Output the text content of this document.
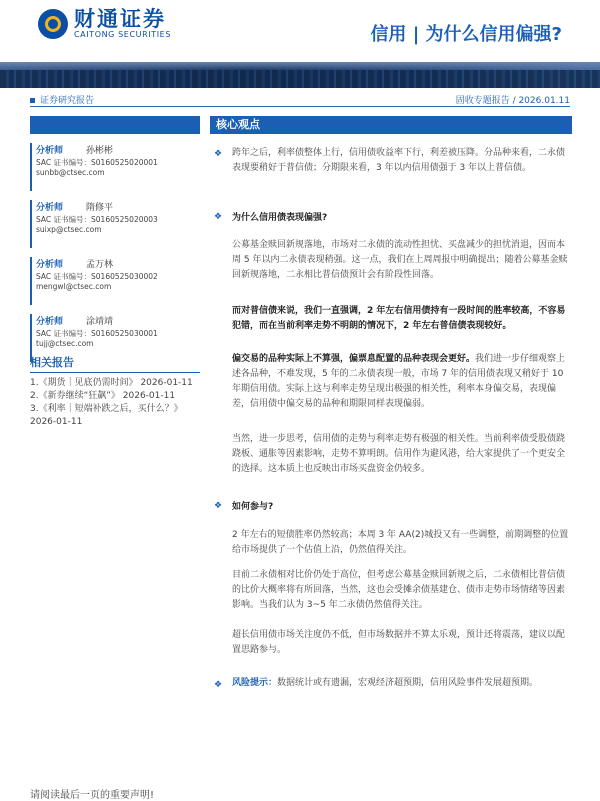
财通证券
CAITONG SECURITIES	信用 | 为什么信用偏强?
证券研究报告	固收专题报告 / 2026.01.11

分析师	孙彬彬
SAC 证书编号：S0160525020001
sunbb@ctsec.com
分析师	隋修平
SAC 证书编号：S0160525020003
suixp@ctsec.com
分析师	孟万林
SAC 证书编号：S0160525030002
mengwl@ctsec.com
分析师	涂靖靖
SAC 证书编号：S0160525030001
tujj@ctsec.com
相关报告
1.《期货｜见底仍需时间》 2026-01-11
2.《新券继续“狂飙”》 2026-01-11
3.《利率｜短端补跌之后，买什么？》 2026-01-11
核心观点
❖ 跨年之后，利率债整体上行，信用债收益率下行，利差被压降。分品种来看，二永债表现要稍好于普信债；分期限来看，3 年以内信用债强于 3 年以上普信债。
❖ 为什么信用债表现偏强?
公募基金赎回新规落地，市场对二永债的流动性担忧、买盘减少的担忧消退，因而本周 5 年以内二永债表现稍强。这一点，我们在上周周报中明确提出；随着公募基金赎回新规落地，二永相比普信债预计会有阶段性回落。
而对普信债来说，我们一直强调，2 年左右信用债持有一段时间的胜率较高，不容易犯错，而在当前利率走势不明朗的情况下，2 年左右普信债表现较好。
偏交易的品种实际上不算强，偏票息配置的品种表现会更好。我们进一步仔细观察上述各品种，不难发现，5 年的二永债表现一般，市场 7 年的信用债表现又稍好于 10 年期信用债。实际上这与利率走势呈现出极强的相关性，利率本身偏交易，表现偏差，信用债中偏交易的品种和期限同样表现偏弱。
当然，进一步思考，信用债的走势与利率走势有极强的相关性。当前利率债受股债跷跷板、通胀等因素影响，走势不算明朗。信用作为避风港，给大家提供了一个更安全的选择。这本质上也反映出市场买盘资金仍较多。
❖ 如何参与?
2 年左右的短债胜率仍然较高；本周 3 年 AA(2)城投又有一些调整，前期调整的位置给市场提供了一个估值上沿，仍然值得关注。
目前二永债相对比价仍处于高位，但考虑公募基金赎回新规之后，二永债相比普信债的比价大概率将有所回落，当然，这也会受摊余债基建仓、债市走势市场情绪等因素影响。当我们认为 3~5 年二永债仍然值得关注。
超长信用债市场关注度仍不低，但市场数据并不算太乐观，预计还将震荡，建议以配置思路参与。
❖ 风险提示：数据统计或有遗漏，宏观经济超预期，信用风险事件发展超预期。
请阅读最后一页的重要声明!
